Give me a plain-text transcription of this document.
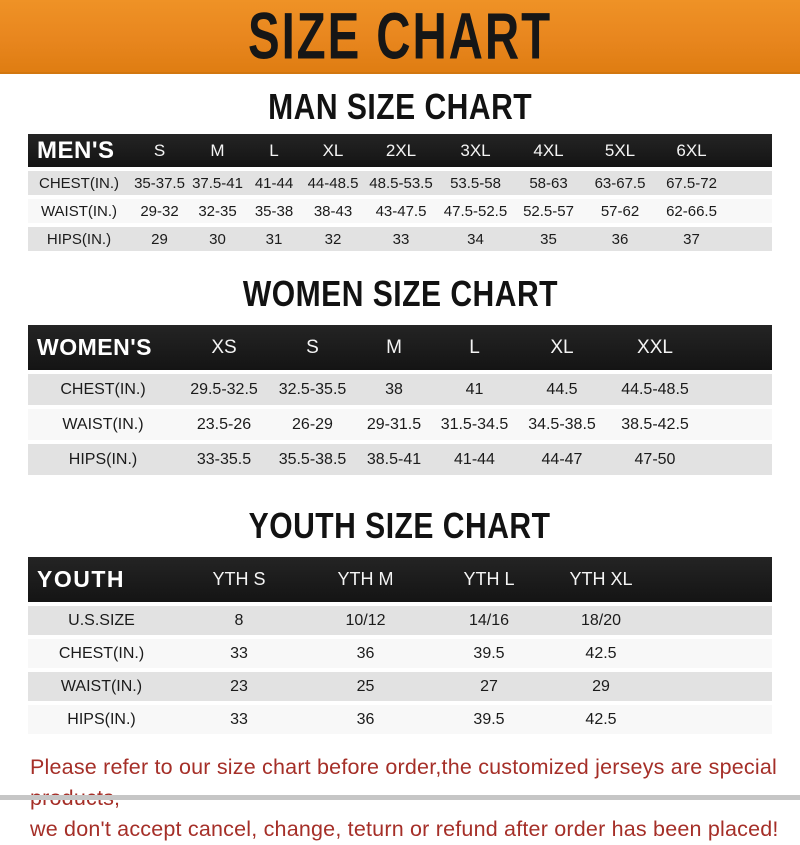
SIZE CHART
MAN SIZE CHART
MEN'S	S	M	L	XL	2XL	3XL	4XL	5XL	6XL	
CHEST(IN.)	35-37.5	37.5-41	41-44	44-48.5	48.5-53.5	53.5-58	58-63	63-67.5	67.5-72	
WAIST(IN.)	29-32	32-35	35-38	38-43	43-47.5	47.5-52.5	52.5-57	57-62	62-66.5	
HIPS(IN.)	29	30	31	32	33	34	35	36	37	
WOMEN SIZE CHART
WOMEN'S	XS	S	M	L	XL	XXL	
CHEST(IN.)	29.5-32.5	32.5-35.5	38	41	44.5	44.5-48.5	
WAIST(IN.)	23.5-26	26-29	29-31.5	31.5-34.5	34.5-38.5	38.5-42.5	
HIPS(IN.)	33-35.5	35.5-38.5	38.5-41	41-44	44-47	47-50	
YOUTH SIZE CHART
YOUTH	YTH S	YTH M	YTH L	YTH XL	
U.S.SIZE	8	10/12	14/16	18/20	
CHEST(IN.)	33	36	39.5	42.5	
WAIST(IN.)	23	25	27	29	
HIPS(IN.)	33	36	39.5	42.5	
Please refer to our size chart before order,the customized jerseys are special
we don't accept cancel, change, teturn or refund after order has been placed!
